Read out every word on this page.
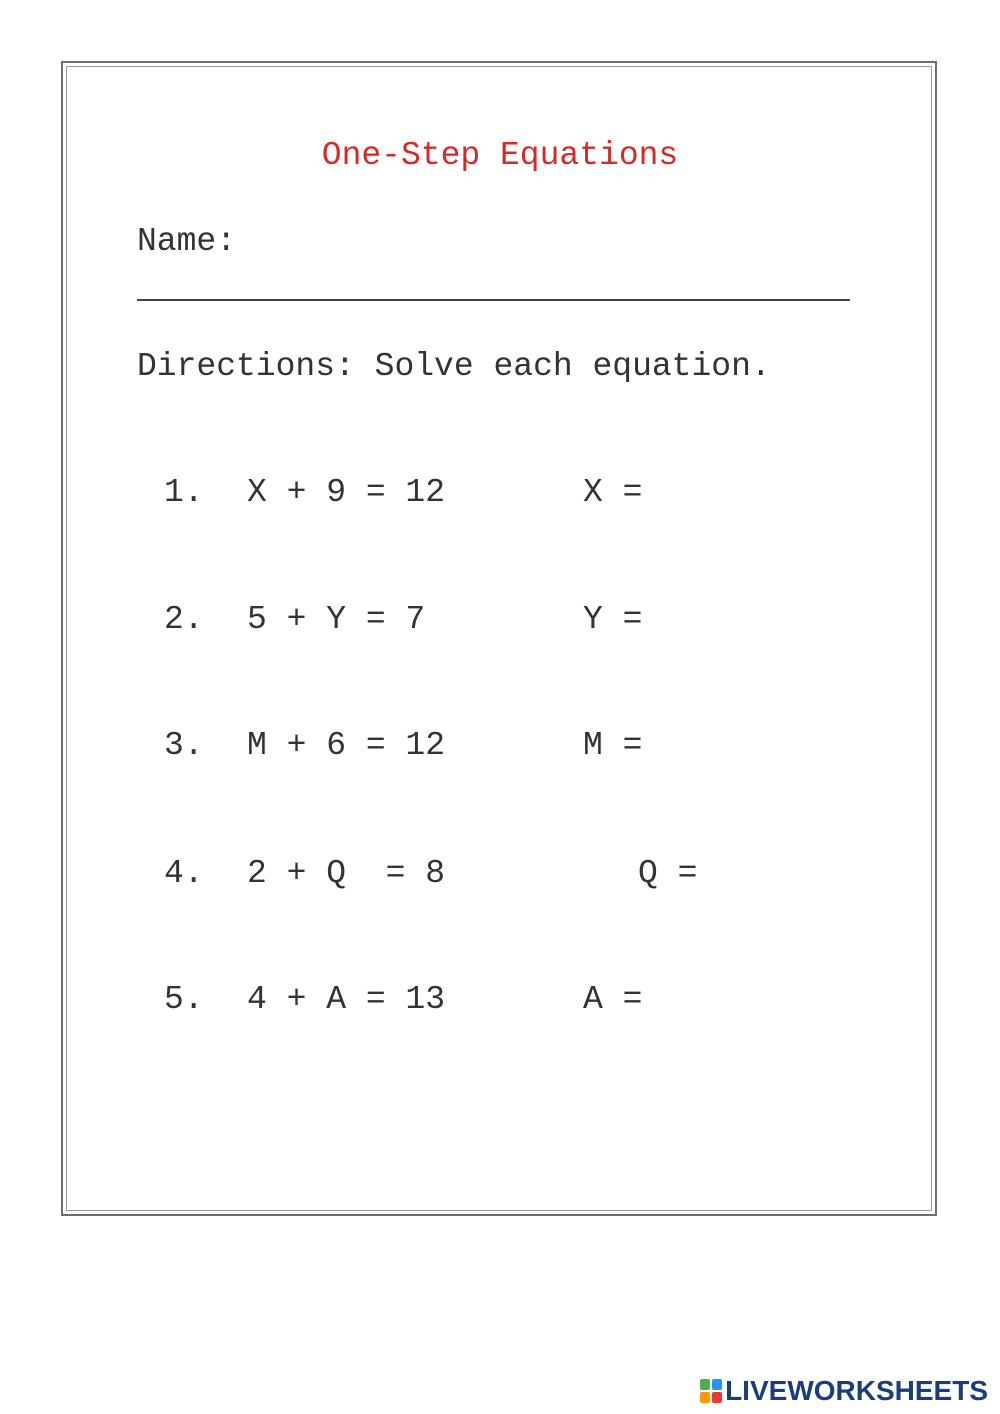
One-Step Equations
Name:
Directions: Solve each equation.
1. X + 9 = 12	X =
2. 5 + Y = 7	Y =
3. M + 6 = 12	M =
4. 2 + Q  = 8	Q =
5. 4 + A = 13	A =
LIVEWORKSHEETS
